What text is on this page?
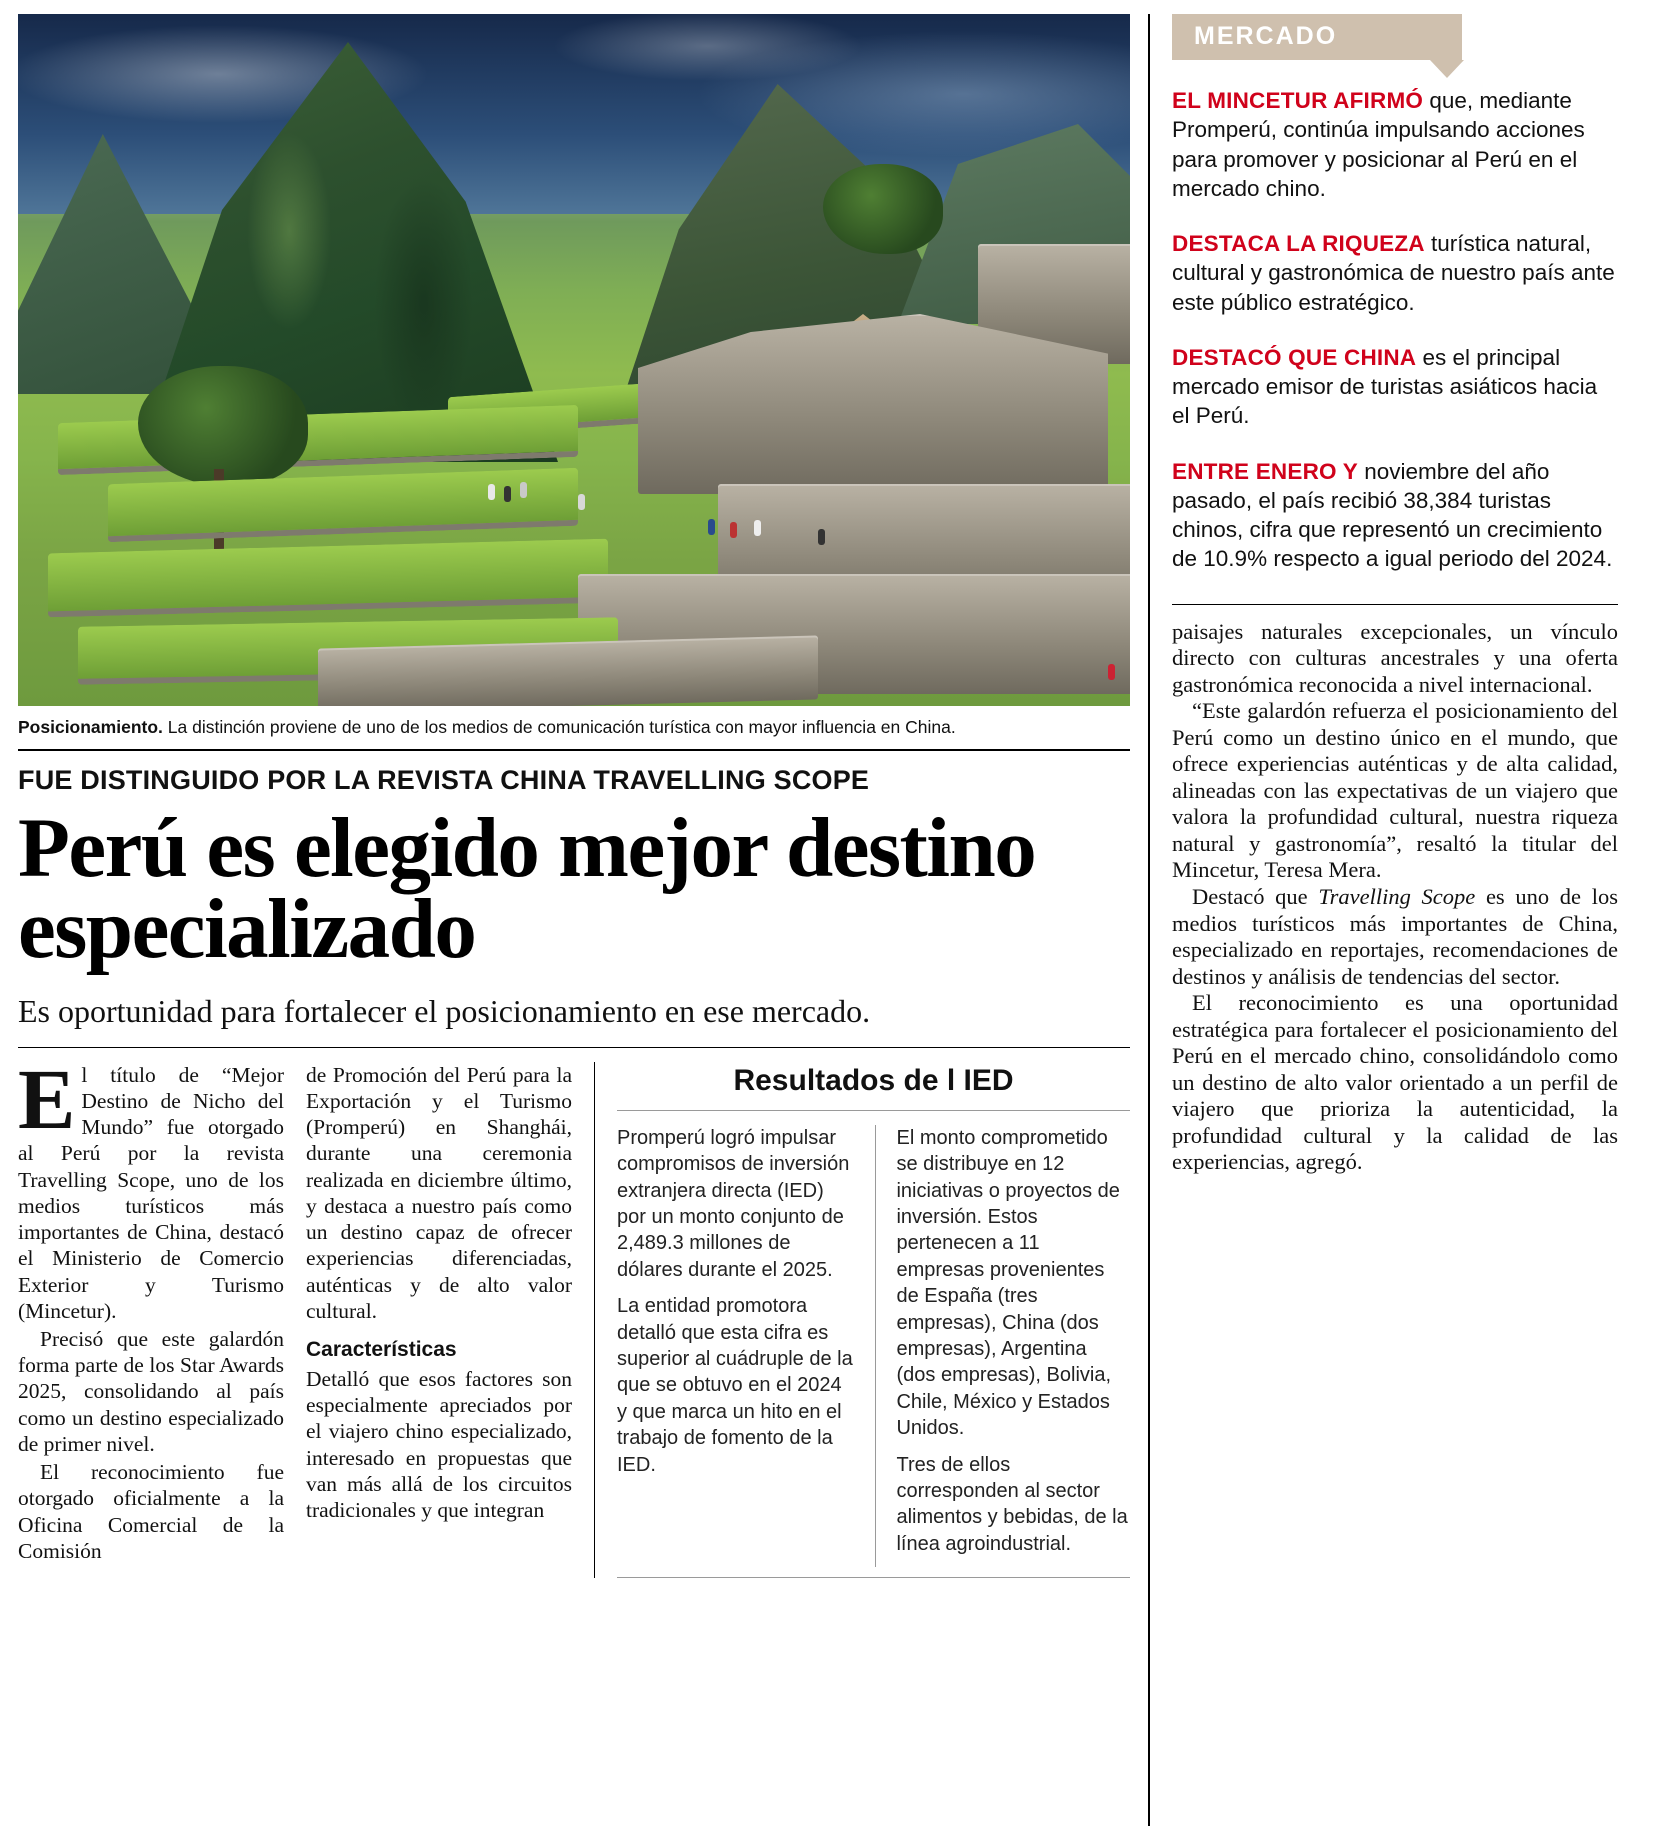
Posicionamiento. La distinción proviene de uno de los medios de comunicación turística con mayor influencia en China.
FUE DISTINGUIDO POR LA REVISTA CHINA TRAVELLING SCOPE
Perú es elegido mejor destino especializado
Es oportunidad para fortalecer el posicionamiento en ese mercado.

El título de “Mejor Destino de Nicho del Mundo” fue otorgado al Perú por la revista Travelling Scope, uno de los medios turísticos más importantes de China, destacó el Ministerio de Comercio Exterior y Turismo (Mincetur).

Precisó que este galardón forma parte de los Star Awards 2025, consolidando al país como un destino especializado de primer nivel.

El reconocimiento fue otorgado oficialmente a la Oficina Comercial de la Comisión

de Promoción del Perú para la Exportación y el Turismo (Promperú) en Shanghái, durante una ceremonia realizada en diciembre último, y destaca a nuestro país como un destino capaz de ofrecer experiencias diferenciadas, auténticas y de alto valor cultural.

Características

Detalló que esos factores son especialmente apreciados por el viajero chino especializado, interesado en propuestas que van más allá de los circuitos tradicionales y que integran

Resultados de l IED

Promperú logró impulsar compromisos de inversión extranjera directa (IED) por un monto conjunto de 2,489.3 millones de dólares durante el 2025.

La entidad promotora detalló que esta cifra es superior al cuádruple de la que se obtuvo en el 2024 y que marca un hito en el trabajo de fomento de la IED.

El monto comprometido se distribuye en 12 iniciativas o proyectos de inversión. Estos pertenecen a 11 empresas provenientes de España (tres empresas), China (dos empresas), Argentina (dos empresas), Bolivia, Chile, México y Estados Unidos.

Tres de ellos corresponden al sector alimentos y bebidas, de la línea agroindustrial.

MERCADO
EL MINCETUR AFIRMÓ que, mediante Promperú, continúa impulsando acciones para promover y posicionar al Perú en el mercado chino.
DESTACA LA RIQUEZA turística natural, cultural y gastronómica de nuestro país ante este público estratégico.
DESTACÓ QUE CHINA es el principal mercado emisor de turistas asiáticos hacia el Perú.
ENTRE ENERO Y noviembre del año pasado, el país recibió 38,384 turistas chinos, cifra que representó un crecimiento de 10.9% respecto a igual periodo del 2024.

paisajes naturales excepcionales, un vínculo directo con culturas ancestrales y una oferta gastronómica reconocida a nivel internacional.

“Este galardón refuerza el posicionamiento del Perú como un destino único en el mundo, que ofrece experiencias auténticas y de alta calidad, alineadas con las expectativas de un viajero que valora la profundidad cultural, nuestra riqueza natural y gastronomía”, resaltó la titular del Mincetur, Teresa Mera.

Destacó que Travelling Scope es uno de los medios turísticos más importantes de China, especializado en reportajes, recomendaciones de destinos y análisis de tendencias del sector.

El reconocimiento es una oportunidad estratégica para fortalecer el posicionamiento del Perú en el mercado chino, consolidándolo como un destino de alto valor orientado a un perfil de viajero que prioriza la autenticidad, la profundidad cultural y la calidad de las experiencias, agregó.
